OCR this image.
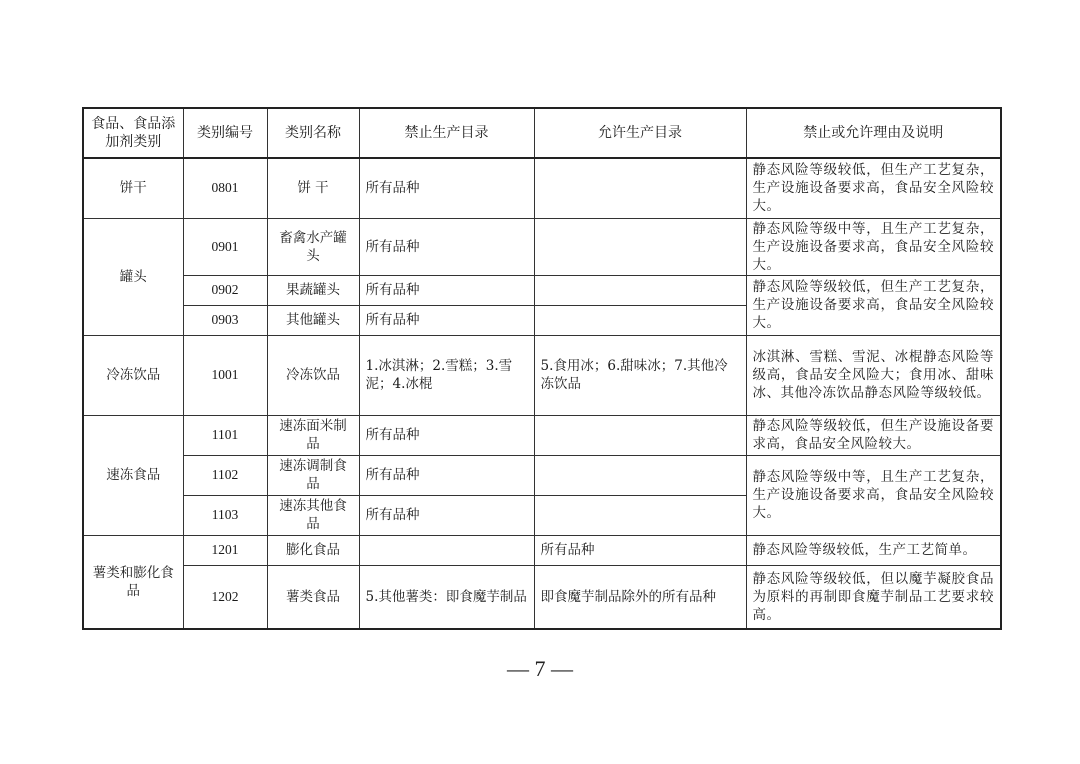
食品、食品添加剂类别	类别编号	类别名称	禁止生产目录	允许生产目录	禁止或允许理由及说明
饼干	0801	饼 干	所有品种		静态风险等级较低，但生产工艺复杂，生产设施设备要求高，食品安全风险较大。
罐头	0901	畜禽水产罐头	所有品种		静态风险等级中等，且生产工艺复杂，生产设施设备要求高，食品安全风险较大。
	0902	果蔬罐头	所有品种		静态风险等级较低，但生产工艺复杂，生产设施设备要求高，食品安全风险较大。
	0903	其他罐头	所有品种		
冷冻饮品	1001	冷冻饮品	1.冰淇淋；2.雪糕；3.雪泥；4.冰棍	5.食用冰；6.甜味冰；7.其他冷冻饮品	冰淇淋、雪糕、雪泥、冰棍静态风险等级高，食品安全风险大；食用冰、甜味冰、其他冷冻饮品静态风险等级较低。
速冻食品	1101	速冻面米制品	所有品种		静态风险等级较低，但生产设施设备要求高，食品安全风险较大。
	1102	速冻调制食品	所有品种		静态风险等级中等，且生产工艺复杂，生产设施设备要求高，食品安全风险较大。
	1103	速冻其他食品	所有品种		
薯类和膨化食品	1201	膨化食品		所有品种	静态风险等级较低，生产工艺简单。
	1202	薯类食品	5.其他薯类：即食魔芋制品	即食魔芋制品除外的所有品种	静态风险等级较低，但以魔芋凝胶食品为原料的再制即食魔芋制品工艺要求较高。
— 7 —
